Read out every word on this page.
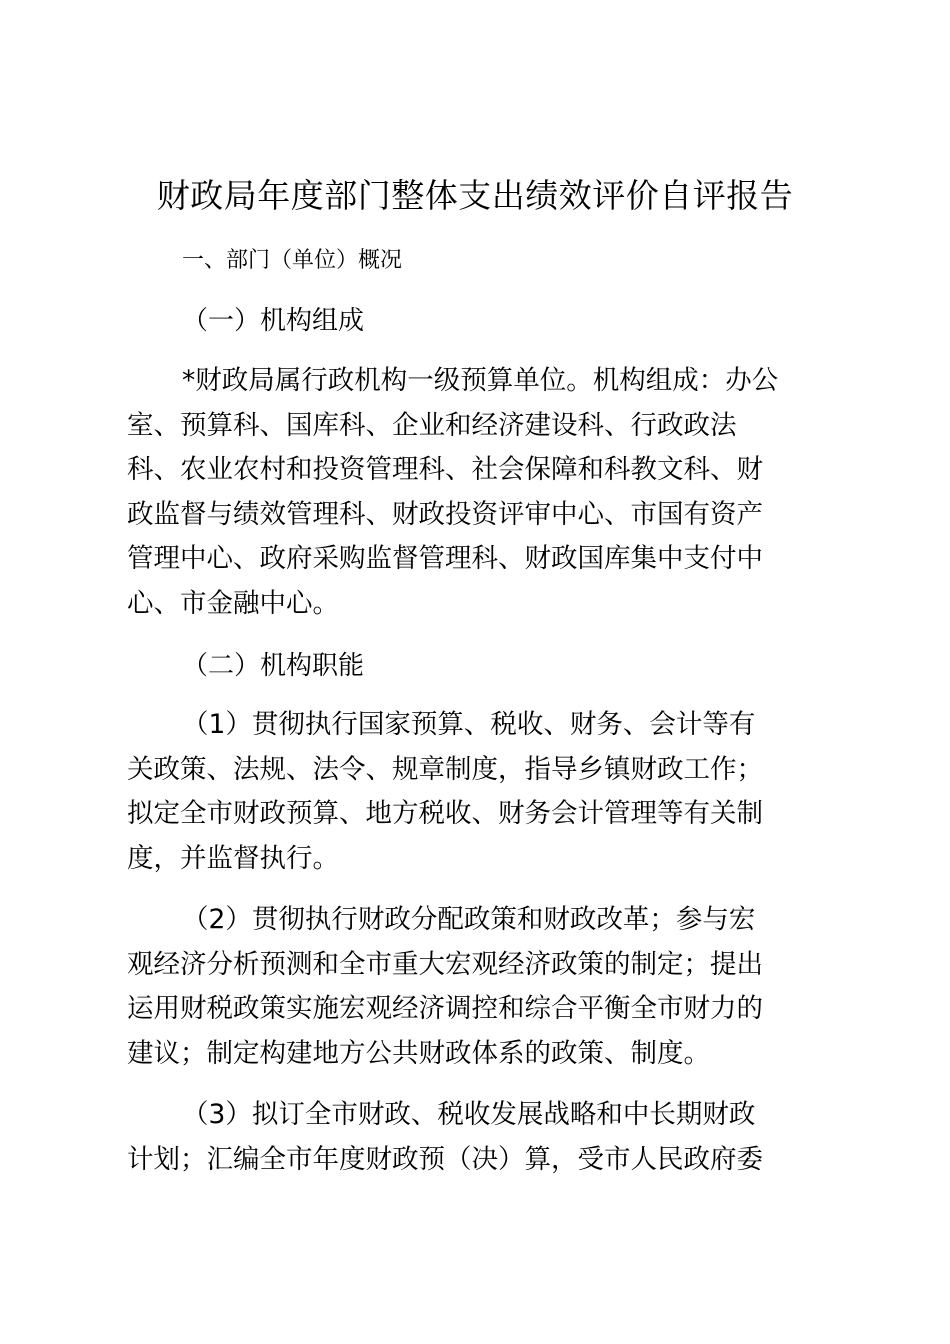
财政局年度部门整体支出绩效评价自评报告
一、部门（单位）概况
（一）机构组成
*财政局属行政机构一级预算单位。机构组成：办公
室、预算科、国库科、企业和经济建设科、行政政法
科、农业农村和投资管理科、社会保障和科教文科、财
政监督与绩效管理科、财政投资评审中心、市国有资产
管理中心、政府采购监督管理科、财政国库集中支付中
心、市金融中心。
（二）机构职能
（1）贯彻执行国家预算、税收、财务、会计等有
关政策、法规、法令、规章制度，指导乡镇财政工作；
拟定全市财政预算、地方税收、财务会计管理等有关制
度，并监督执行。
（2）贯彻执行财政分配政策和财政改革；参与宏
观经济分析预测和全市重大宏观经济政策的制定；提出
运用财税政策实施宏观经济调控和综合平衡全市财力的
建议；制定构建地方公共财政体系的政策、制度。
（3）拟订全市财政、税收发展战略和中长期财政
计划；汇编全市年度财政预（决）算，受市人民政府委
